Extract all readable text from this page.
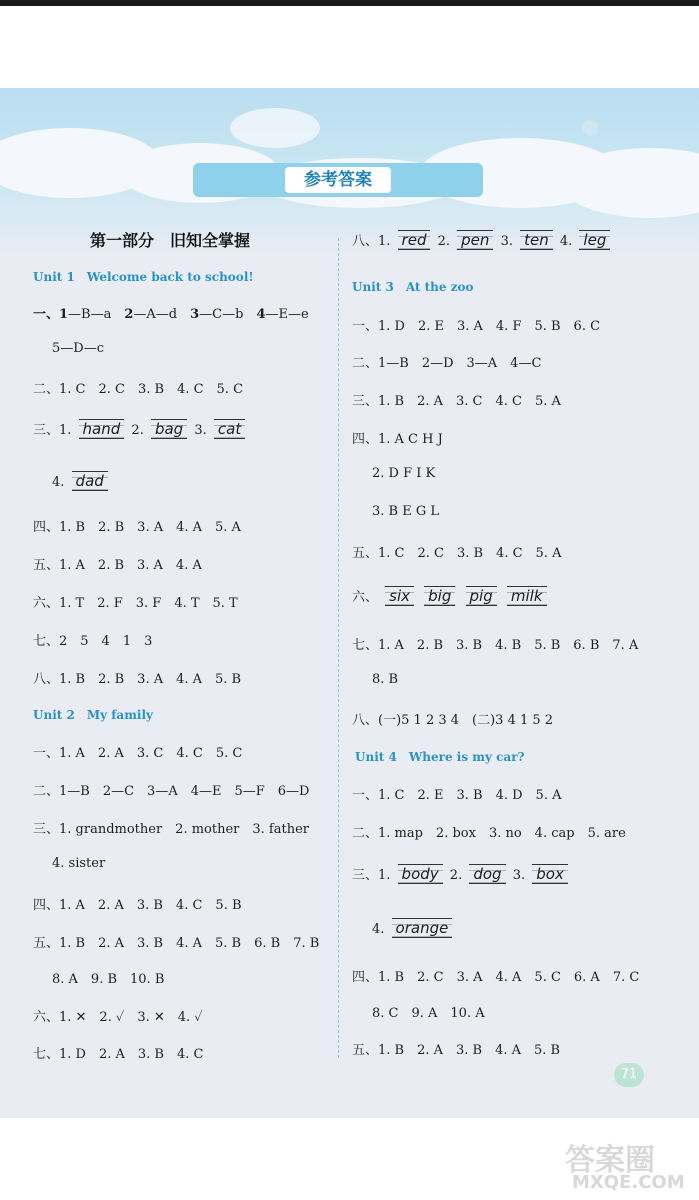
参考答案
第一部分　旧知全掌握
Unit 1　Welcome back to school!
一、1—B—a　2—A—d　3—C—b　4—E—e
5—D—c
二、1. C　2. C　3. B　4. C　5. C
三、1. hand 2. bag 3. cat
4. dad
四、1. B　2. B　3. A　4. A　5. A
五、1. A　2. B　3. A　4. A
六、1. T　2. F　3. F　4. T　5. T
七、2　5　4　1　3
八、1. B　2. B　3. A　4. A　5. B
Unit 2　My family
一、1. A　2. A　3. C　4. C　5. C
二、1—B　2—C　3—A　4—E　5—F　6—D
三、1. grandmother　2. mother　3. father
4. sister
四、1. A　2. A　3. B　4. C　5. B
五、1. B　2. A　3. B　4. A　5. B　6. B　7. B
8. A　9. B　10. B
六、1. ✕　2. ✓　3. ✕　4. ✓
七、1. D　2. A　3. B　4. C
八、1. red 2. pen 3. ten 4. leg
Unit 3　At the zoo
一、1. D　2. E　3. A　4. F　5. B　6. C
二、1—B　2—D　3—A　4—C
三、1. B　2. A　3. C　4. C　5. A
四、1. A C H J
2. D F I K
3. B E G L
五、1. C　2. C　3. B　4. C　5. A
六、 six big pig milk
七、1. A　2. B　3. B　4. B　5. B　6. B　7. A
8. B
八、(一)5 1 2 3 4　(二)3 4 1 5 2
Unit 4　Where is my car?
一、1. C　2. E　3. B　4. D　5. A
二、1. map　2. box　3. no　4. cap　5. are
三、1. body 2. dog 3. box
4. orange
四、1. B　2. C　3. A　4. A　5. C　6. A　7. C
8. C　9. A　10. A
五、1. B　2. A　3. B　4. A　5. B
71
答案圈
MXQE.COM
